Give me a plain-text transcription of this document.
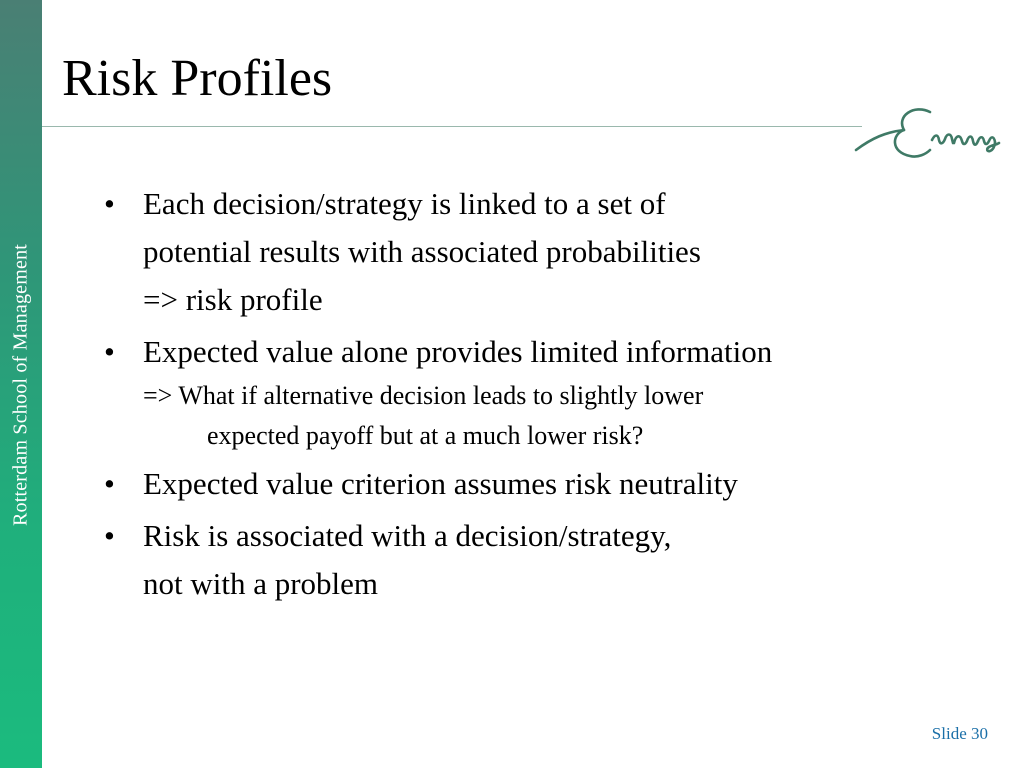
Rotterdam School of Management
Risk Profiles
• Each decision/strategy is linked to a set of
potential results with associated probabilities
=> risk profile
• Expected value alone provides limited information
=> What if alternative decision leads to slightly lower
expected payoff but at a much lower risk?
• Expected value criterion assumes risk neutrality
• Risk is associated with a decision/strategy,
not with a problem
Slide 30
